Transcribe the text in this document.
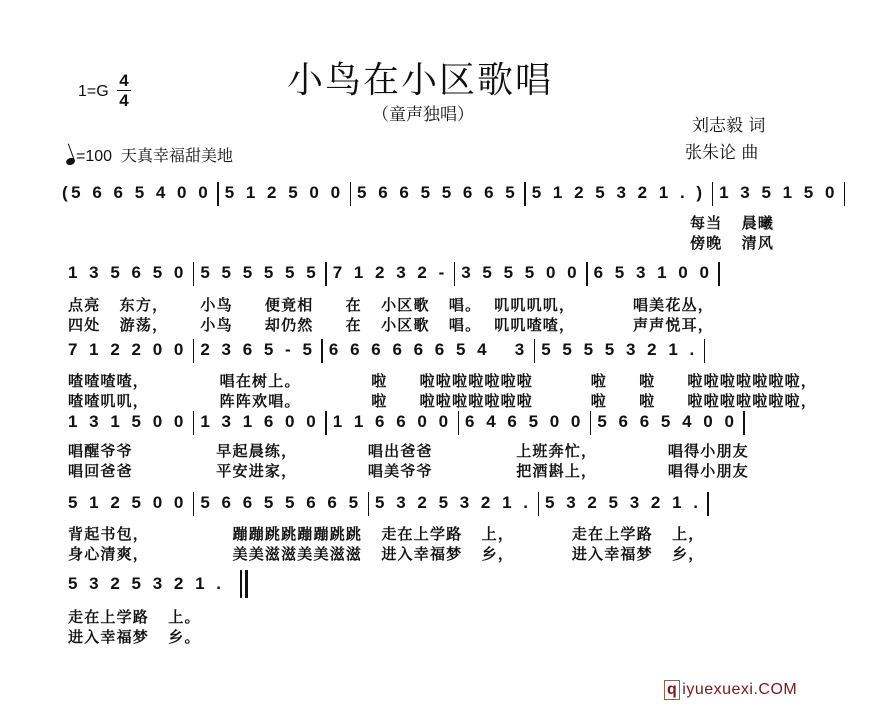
小鸟在小区歌唱
（童声独唱）
1=G
4
4
=100 天真幸福甜美地
刘志毅 词
张朱论 曲
(5 6 6 5 4 0 0 5 1 2 5 0 0 5 6 6 5 5 6 6 5 5 1 2 5 3 2 1 . ) 1 3 5 1 5 0
每当   晨曦
傍晚   清风
1 3 5 6 5 0 5 5 5 5 5 5 7 1 2 3 2 - 3 5 5 5 0 0 6 5 3 1 0 0
点亮   东方，     小鸟     便竟相     在   小区歌   唱。  叽叽叽叽，         唱美花丛，
四处   游荡，     小鸟     却仍然     在   小区歌   唱。  叽叽喳喳，         声声悦耳，
7 1 2 2 0 0 2 3 6 5 - 5 6 6 6 6 6 6 5 4 3 5 5 5 5 3 2 1 .
喳喳喳喳，           唱在树上。           啦     啦啦啦啦啦啦啦         啦     啦     啦啦啦啦啦啦啦，
喳喳叽叽，           阵阵欢唱。           啦     啦啦啦啦啦啦啦         啦     啦     啦啦啦啦啦啦啦，
1 3 1 5 0 0 1 3 1 6 0 0 1 1 6 6 0 0 6 4 6 5 0 0 5 6 6 5 4 0 0
唱醒爷爷             早起晨练，           唱出爸爸             上班奔忙，           唱得小朋友
唱回爸爸             平安进家，           唱美爷爷             把酒斟上，           唱得小朋友
5 1 2 5 0 0 5 6 6 5 5 6 6 5 5 3 2 5 3 2 1 . 5 3 2 5 3 2 1 .
背起书包，             蹦蹦跳跳蹦蹦跳跳   走在上学路   上，         走在上学路   上，
身心清爽，             美美滋滋美美滋滋   进入幸福梦   乡，         进入幸福梦   乡，
5 3 2 5 3 2 1 .
走在上学路   上。
进入幸福梦   乡。
q iyuexuexi.COM
